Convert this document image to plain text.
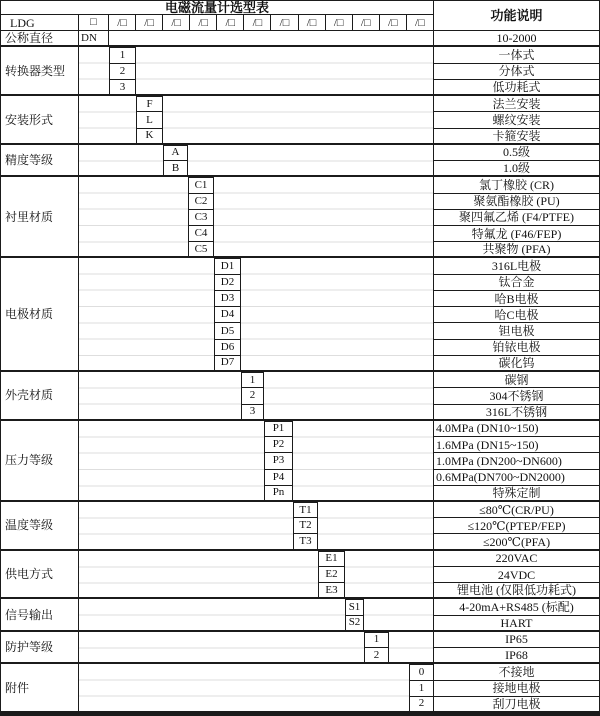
电磁流量计选型表
功能说明
LDG	□	/□	/□	/□	/□	/□	/□	/□	/□	/□	/□	/□	/□
公称直径	DN	10-2000
转换器类型
1	一体式
2	分体式
3	低功耗式
安装形式
F	法兰安装
L	螺纹安装
K	卡箍安装
精度等级
A	0.5级
B	1.0级
衬里材质
C1	氯丁橡胶 (CR)
C2	聚氨酯橡胶 (PU)
C3	聚四氟乙烯 (F4/PTFE)
C4	特氟龙 (F46/FEP)
C5	共聚物 (PFA)
电极材质
D1	316L电极
D2	钛合金
D3	哈B电极
D4	哈C电极
D5	钽电极
D6	铂铱电极
D7	碳化钨
外壳材质
1	碳钢
2	304不锈钢
3	316L不锈钢
压力等级
P1	4.0MPa (DN10~150)
P2	1.6MPa (DN15~150)
P3	1.0MPa (DN200~DN600)
P4	0.6MPa(DN700~DN2000)
Pn	特殊定制
温度等级
T1	≤80℃(CR/PU)
T2	≤120℃(PTEP/FEP)
T3	≤200℃(PFA)
供电方式
E1	220VAC
E2	24VDC
E3	锂电池 (仅限低功耗式)
信号输出
S1	4-20mA+RS485 (标配)
S2	HART
防护等级
1	IP65
2	IP68
附件
0	不接地
1	接地电极
2	刮刀电极
